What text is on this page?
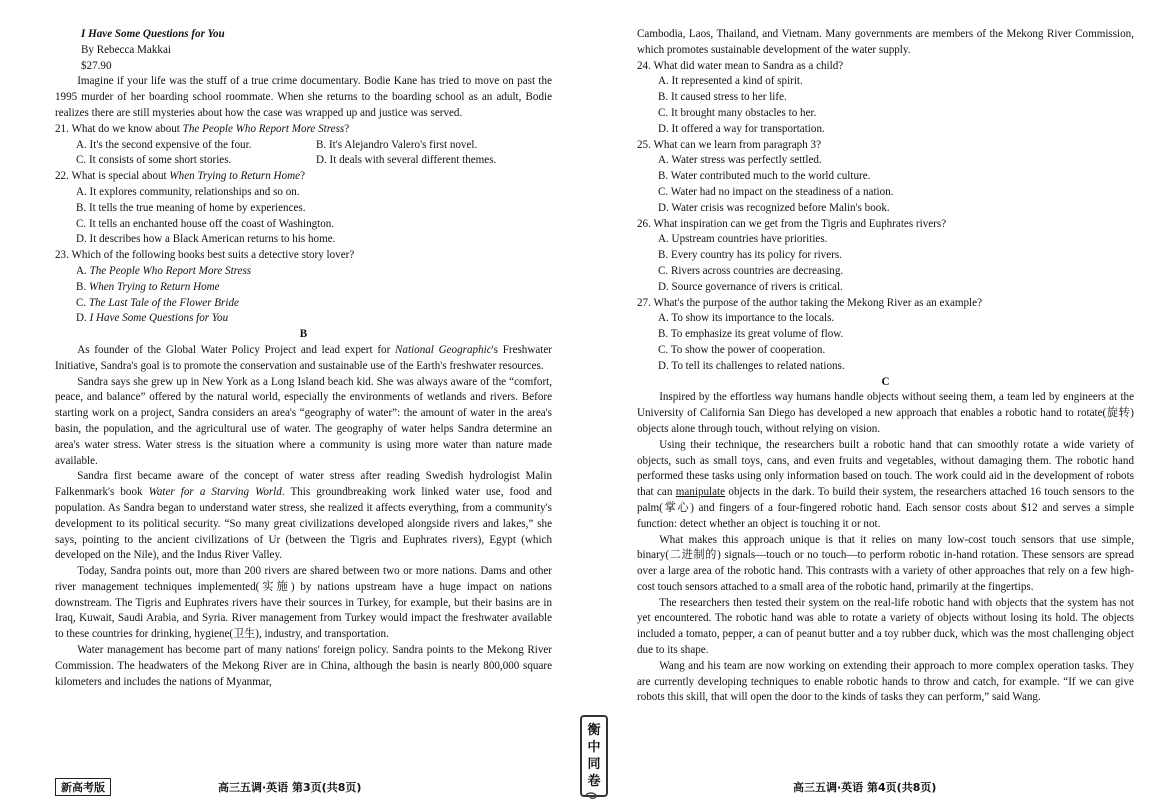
I Have Some Questions for You

By Rebecca Makkai

$27.90

Imagine if your life was the stuff of a true crime documentary. Bodie Kane has tried to move on past the 1995 murder of her boarding school roommate. When she returns to the boarding school as an adult, Bodie realizes there are still mysteries about how the case was wrapped up and justice was served.

21. What do we know about The People Who Report More Stress?

A. It's the second expensive of the four.	B. It's Alejandro Valero's first novel.
C. It consists of some short stories.	D. It deals with several different themes.

22. What is special about When Trying to Return Home?

A. It explores community, relationships and so on.

B. It tells the true meaning of home by experiences.

C. It tells an enchanted house off the coast of Washington.

D. It describes how a Black American returns to his home.

23. Which of the following books best suits a detective story lover?

A. The People Who Report More Stress

B. When Trying to Return Home

C. The Last Tale of the Flower Bride

D. I Have Some Questions for You

B

As founder of the Global Water Policy Project and lead expert for National Geographic's Freshwater Initiative, Sandra's goal is to promote the conservation and sustainable use of the Earth's freshwater resources.

Sandra says she grew up in New York as a Long Island beach kid. She was always aware of the “comfort, peace, and balance” offered by the natural world, especially the environments of wetlands and rivers. Before starting work on a project, Sandra considers an area's “geography of water”: the amount of water in the area's basin, the population, and the agricultural use of water. The geography of water helps Sandra determine an area's water stress. Water stress is the situation where a community is using more water than nature made available.

Sandra first became aware of the concept of water stress after reading Swedish hydrologist Malin Falkenmark's book Water for a Starving World. This groundbreaking work linked water use, food and population. As Sandra began to understand water stress, she realized it affects everything, from a community's development to its political security. “So many great civilizations developed alongside rivers and lakes,” she says, pointing to the ancient civilizations of Ur (between the Tigris and Euphrates rivers), Egypt (which developed on the Nile), and the Indus River Valley.

Today, Sandra points out, more than 200 rivers are shared between two or more nations. Dams and other river management techniques implemented(实施) by nations upstream have a huge impact on nations downstream. The Tigris and Euphrates rivers have their sources in Turkey, for example, but their basins are in Iraq, Kuwait, Saudi Arabia, and Syria. River management from Turkey would impact the freshwater available to these countries for drinking, hygiene(卫生), industry, and transportation.

Water management has become part of many nations' foreign policy. Sandra points to the Mekong River Commission. The headwaters of the Mekong River are in China, although the basin is nearly 800,000 square kilometers and includes the nations of Myanmar,

Cambodia, Laos, Thailand, and Vietnam. Many governments are members of the Mekong River Commission, which promotes sustainable development of the water supply.

24. What did water mean to Sandra as a child?

A. It represented a kind of spirit.

B. It caused stress to her life.

C. It brought many obstacles to her.

D. It offered a way for transportation.

25. What can we learn from paragraph 3?

A. Water stress was perfectly settled.

B. Water contributed much to the world culture.

C. Water had no impact on the steadiness of a nation.

D. Water crisis was recognized before Malin's book.

26. What inspiration can we get from the Tigris and Euphrates rivers?

A. Upstream countries have priorities.

B. Every country has its policy for rivers.

C. Rivers across countries are decreasing.

D. Source governance of rivers is critical.

27. What's the purpose of the author taking the Mekong River as an example?

A. To show its importance to the locals.

B. To emphasize its great volume of flow.

C. To show the power of cooperation.

D. To tell its challenges to related nations.

C

Inspired by the effortless way humans handle objects without seeing them, a team led by engineers at the University of California San Diego has developed a new approach that enables a robotic hand to rotate(旋转) objects alone through touch, without relying on vision.

Using their technique, the researchers built a robotic hand that can smoothly rotate a wide variety of objects, such as small toys, cans, and even fruits and vegetables, without damaging them. The robotic hand performed these tasks using only information based on touch. The work could aid in the development of robots that can manipulate objects in the dark. To build their system, the researchers attached 16 touch sensors to the palm(掌心) and fingers of a four-fingered robotic hand. Each sensor costs about $12 and serves a simple function: detect whether an object is touching it or not.

What makes this approach unique is that it relies on many low-cost touch sensors that use simple, binary(二进制的) signals—touch or no touch—to perform robotic in-hand rotation. These sensors are spread over a large area of the robotic hand. This contrasts with a variety of other approaches that rely on a few high-cost touch sensors attached to a small area of the robotic hand, primarily at the fingertips.

The researchers then tested their system on the real-life robotic hand with objects that the system has not yet encountered. The robotic hand was able to rotate a variety of objects without losing its hold. The objects included a tomato, pepper, a can of peanut butter and a toy rubber duck, which was the most challenging object due to its shape.

Wang and his team are now working on extending their approach to more complex operation tasks. They are currently developing techniques to enable robotic hands to throw and catch, for example. “If we can give robots this skill, that will open the door to the kinds of tasks they can perform,” said Wang.

衡
中
同
卷
新高考版	高三五调·英语 第3页(共8页)	高三五调·英语 第4页(共8页)
